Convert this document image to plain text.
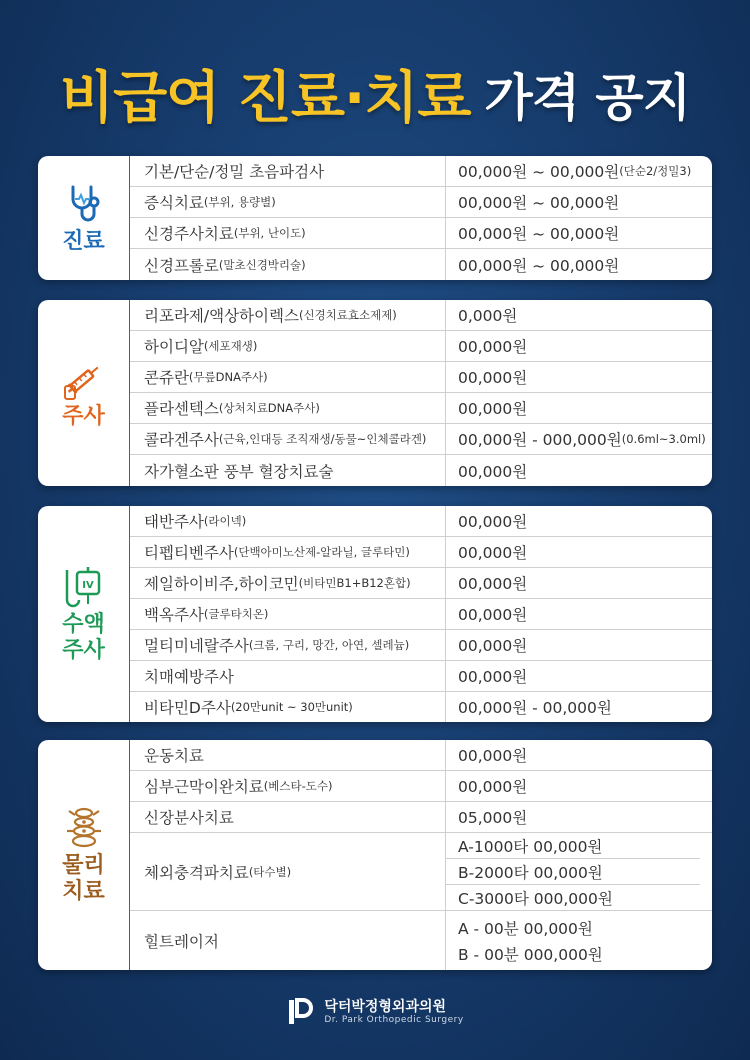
비급여 진료·치료 가격 공지
진료
기본/단순/정밀 초음파검사	00,000원 ~ 00,000원 (단순2/정밀3)
증식치료 (부위, 용량별)	00,000원 ~ 00,000원
신경주사치료 (부위, 난이도)	00,000원 ~ 00,000원
신경프롤로 (말초신경박리술)	00,000원 ~ 00,000원
주사
리포라제/액상하이렉스 (신경치료효소제제)	0,000원
하이디알 (세포재생)	00,000원
콘쥬란 (무릎DNA주사)	00,000원
플라센텍스 (상처치료DNA주사)	00,000원
콜라겐주사 (근육,인대등 조직재생/동물~인체콜라겐) 00,000원 - 000,000원 (0.6ml~3.0ml)
자가혈소판 풍부 혈장치료술	00,000원
IV
수액
주사
태반주사 (라이넥)	00,000원
티펩티벤주사 (단백아미노산제-알라닐, 글루타민)	00,000원
제일하이비주,하이코민 (비타민B1+B12혼합)	00,000원
백옥주사 (글루타치온)	00,000원
멀티미네랄주사 (크롬, 구리, 망간, 아연, 셀레늄)	00,000원
치매예방주사	00,000원
비타민D주사 (20만unit ~ 30만unit)	00,000원 - 00,000원
물리
치료
운동치료	00,000원
심부근막이완치료 (베스타-도수)	00,000원
신장분사치료	05,000원
체외충격파치료 (타수별)
A-1000타 00,000원
B-2000타 00,000원
C-3000타 000,000원
힐트레이저
A - 00분 00,000원
B - 00분 000,000원
닥터박정형외과의원
Dr. Park Orthopedic Surgery
